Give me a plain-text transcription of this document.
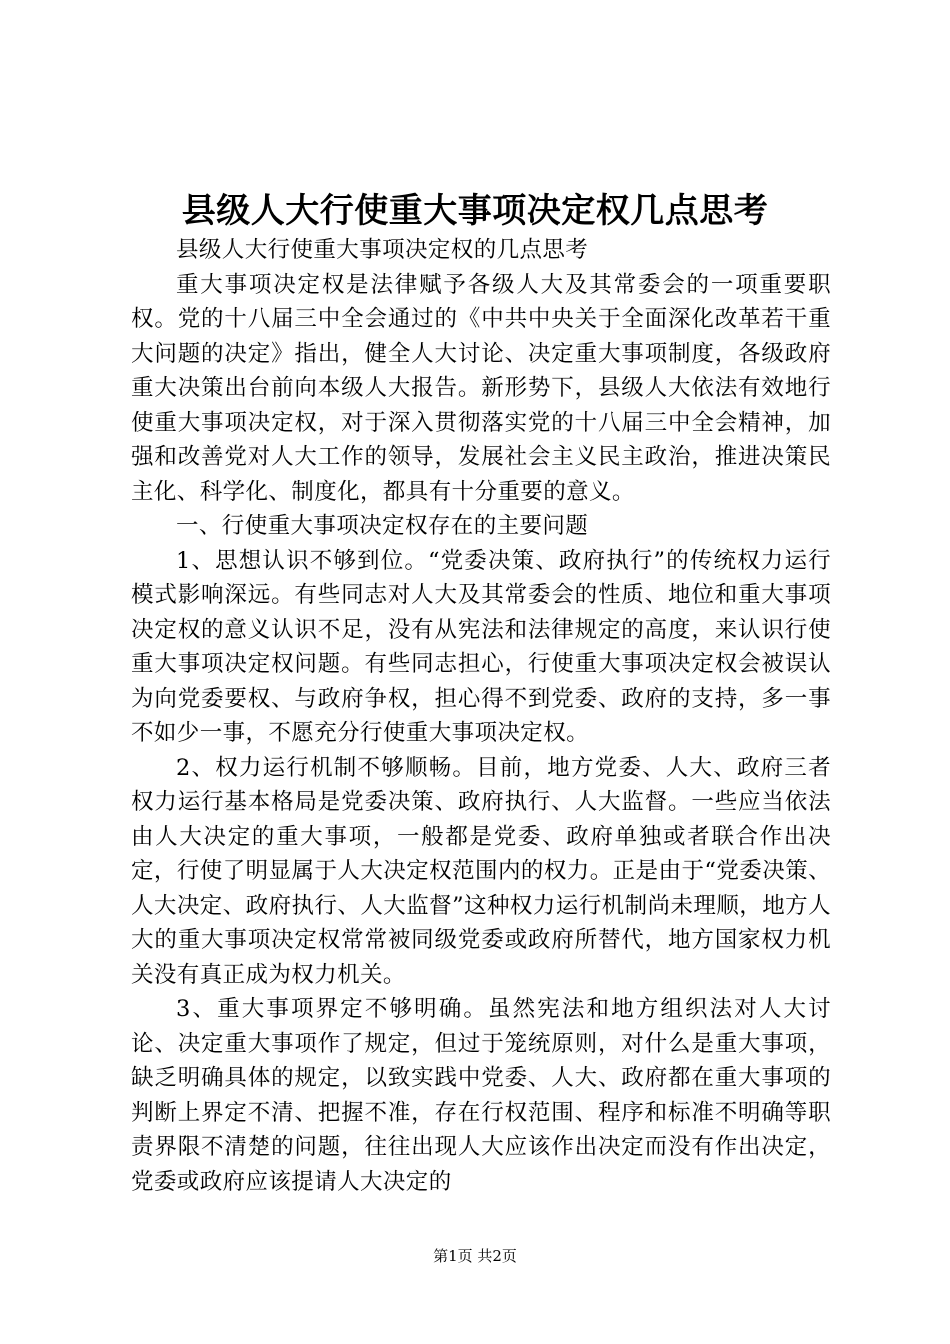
县级人大行使重大事项决定权几点思考

县级人大行使重大事项决定权的几点思考

重大事项决定权是法律赋予各级人大及其常委会的一项重要职权。党的十八届三中全会通过的《中共中央关于全面深化改革若干重大问题的决定》指出，健全人大讨论、决定重大事项制度，各级政府重大决策出台前向本级人大报告。新形势下，县级人大依法有效地行使重大事项决定权，对于深入贯彻落实党的十八届三中全会精神，加强和改善党对人大工作的领导，发展社会主义民主政治，推进决策民主化、科学化、制度化，都具有十分重要的意义。

一、行使重大事项决定权存在的主要问题

1、思想认识不够到位。“党委决策、政府执行”的传统权力运行模式影响深远。有些同志对人大及其常委会的性质、地位和重大事项决定权的意义认识不足，没有从宪法和法律规定的高度，来认识行使重大事项决定权问题。有些同志担心，行使重大事项决定权会被误认为向党委要权、与政府争权，担心得不到党委、政府的支持，多一事不如少一事，不愿充分行使重大事项决定权。

2、权力运行机制不够顺畅。目前，地方党委、人大、政府三者权力运行基本格局是党委决策、政府执行、人大监督。一些应当依法由人大决定的重大事项，一般都是党委、政府单独或者联合作出决定，行使了明显属于人大决定权范围内的权力。正是由于“党委决策、人大决定、政府执行、人大监督”这种权力运行机制尚未理顺，地方人大的重大事项决定权常常被同级党委或政府所替代，地方国家权力机关没有真正成为权力机关。

3、重大事项界定不够明确。虽然宪法和地方组织法对人大讨论、决定重大事项作了规定，但过于笼统原则，对什么是重大事项，缺乏明确具体的规定，以致实践中党委、人大、政府都在重大事项的判断上界定不清、把握不准，存在行权范围、程序和标准不明确等职责界限不清楚的问题，往往出现人大应该作出决定而没有作出决定，党委或政府应该提请人大决定的

第1页 共2页
